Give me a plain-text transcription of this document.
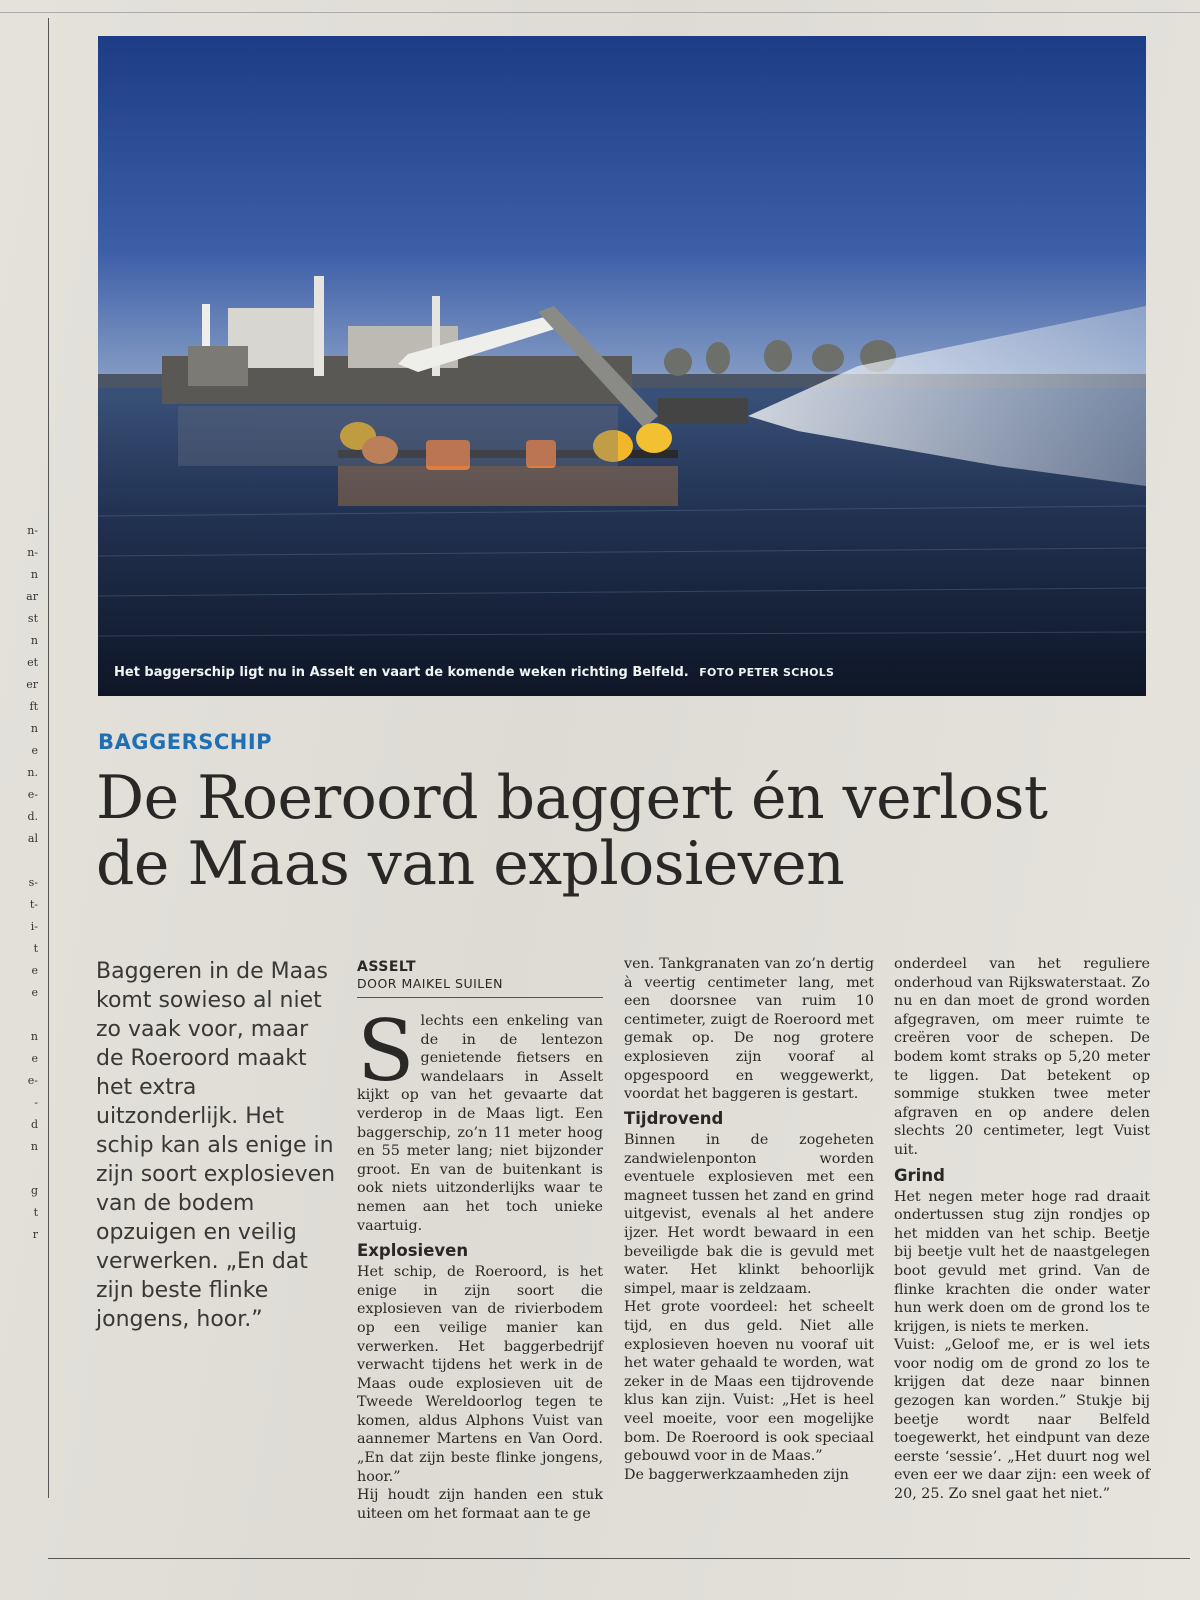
n-
n-
n
ar
st
n
et
er
ft
n
e
n.
e-
d.
al

s-
t-
i-
t
e
e

n
e
e-
-
d
n

g
t
r
Het baggerschip ligt nu in Asselt en vaart de komende weken richting Belfeld. FOTO PETER SCHOLS
BAGGERSCHIP
De Roeroord baggert én verlost
de Maas van explosieven
Baggeren in de Maas komt sowieso al niet zo vaak voor, maar de Roeroord maakt het extra uitzonderlijk. Het schip kan als enige in zijn soort explosieven van de bodem opzuigen en veilig verwerken. „En dat zijn beste flinke jongens, hoor.”
ASSELT
DOOR MAIKEL SUILEN

Slechts een enkeling van de in de lentezon genietende fietsers en wandelaars in Asselt kijkt op van het gevaarte dat verderop in de Maas ligt. Een baggerschip, zo’n 11 meter hoog en 55 meter lang; niet bijzonder groot. En van de buitenkant is ook niets uitzonderlijks waar te nemen aan het toch unieke vaartuig.

Explosieven

Het schip, de Roeroord, is het enige in zijn soort die explosieven van de rivierbodem op een veilige manier kan verwerken. Het baggerbedrijf verwacht tijdens het werk in de Maas oude explosieven uit de Tweede Wereldoorlog tegen te komen, aldus Alphons Vuist van aannemer Martens en Van Oord. „En dat zijn beste flinke jongens, hoor.”

Hij houdt zijn handen een stuk uiteen om het formaat aan te ge

ven. Tankgranaten van zo’n dertig à veertig centimeter lang, met een doorsnee van ruim 10 centimeter, zuigt de Roeroord met gemak op. De nog grotere explosieven zijn vooraf al opgespoord en weggewerkt, voordat het baggeren is gestart.

Tijdrovend

Binnen in de zogeheten zandwielenponton worden eventuele explosieven met een magneet tussen het zand en grind uitgevist, evenals al het andere ijzer. Het wordt bewaard in een beveiligde bak die is gevuld met water. Het klinkt behoorlijk simpel, maar is zeldzaam.

Het grote voordeel: het scheelt tijd, en dus geld. Niet alle explosieven hoeven nu vooraf uit het water gehaald te worden, wat zeker in de Maas een tijdrovende klus kan zijn. Vuist: „Het is heel veel moeite, voor een mogelijke bom. De Roeroord is ook speciaal gebouwd voor in de Maas.”

De baggerwerkzaamheden zijn

onderdeel van het reguliere onderhoud van Rijkswaterstaat. Zo nu en dan moet de grond worden afgegraven, om meer ruimte te creëren voor de schepen. De bodem komt straks op 5,20 meter te liggen. Dat betekent op sommige stukken twee meter afgraven en op andere delen slechts 20 centimeter, legt Vuist uit.

Grind

Het negen meter hoge rad draait ondertussen stug zijn rondjes op het midden van het schip. Beetje bij beetje vult het de naastgelegen boot gevuld met grind. Van de flinke krachten die onder water hun werk doen om de grond los te krijgen, is niets te merken.

Vuist: „Geloof me, er is wel iets voor nodig om de grond zo los te krijgen dat deze naar binnen gezogen kan worden.” Stukje bij beetje wordt naar Belfeld toegewerkt, het eindpunt van deze eerste ‘sessie’. „Het duurt nog wel even eer we daar zijn: een week of 20, 25. Zo snel gaat het niet.”
